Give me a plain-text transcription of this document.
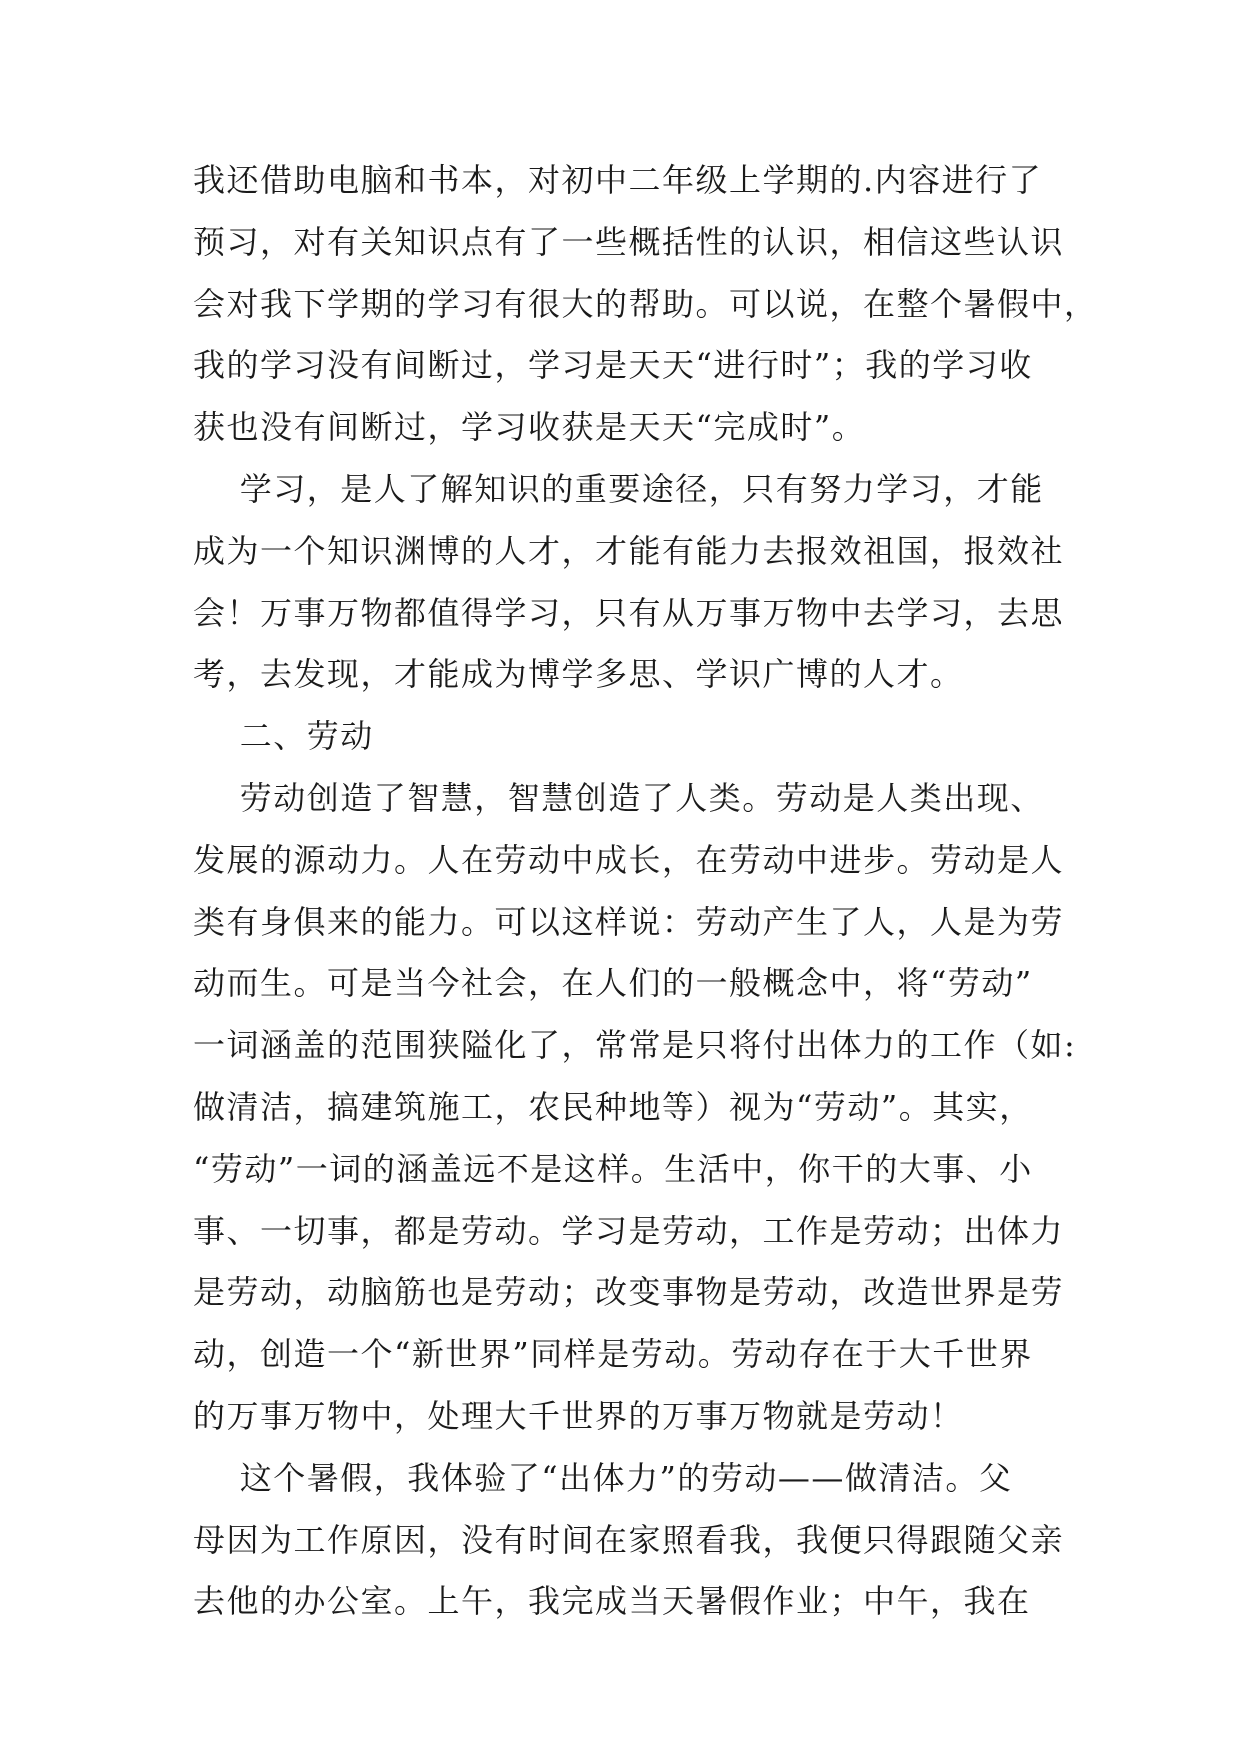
我还借助电脑和书本，对初中二年级上学期的.内容进行了
预习，对有关知识点有了一些概括性的认识，相信这些认识
会对我下学期的学习有很大的帮助。可以说，在整个暑假中，
我的学习没有间断过，学习是天天“进行时”；我的学习收
获也没有间断过，学习收获是天天“完成时”。
学习，是人了解知识的重要途径，只有努力学习，才能
成为一个知识渊博的人才，才能有能力去报效祖国，报效社
会！万事万物都值得学习，只有从万事万物中去学习，去思
考，去发现，才能成为博学多思、学识广博的人才。
二、劳动
劳动创造了智慧，智慧创造了人类。劳动是人类出现、
发展的源动力。人在劳动中成长，在劳动中进步。劳动是人
类有身俱来的能力。可以这样说：劳动产生了人，人是为劳
动而生。可是当今社会，在人们的一般概念中，将“劳动”
一词涵盖的范围狭隘化了，常常是只将付出体力的工作（如:
做清洁，搞建筑施工，农民种地等）视为“劳动”。其实，
“劳动”一词的涵盖远不是这样。生活中，你干的大事、小
事、一切事，都是劳动。学习是劳动，工作是劳动；出体力
是劳动，动脑筋也是劳动；改变事物是劳动，改造世界是劳
动，创造一个“新世界”同样是劳动。劳动存在于大千世界
的万事万物中，处理大千世界的万事万物就是劳动！
这个暑假，我体验了“出体力”的劳动——做清洁。父
母因为工作原因，没有时间在家照看我，我便只得跟随父亲
去他的办公室。上午，我完成当天暑假作业；中午，我在
